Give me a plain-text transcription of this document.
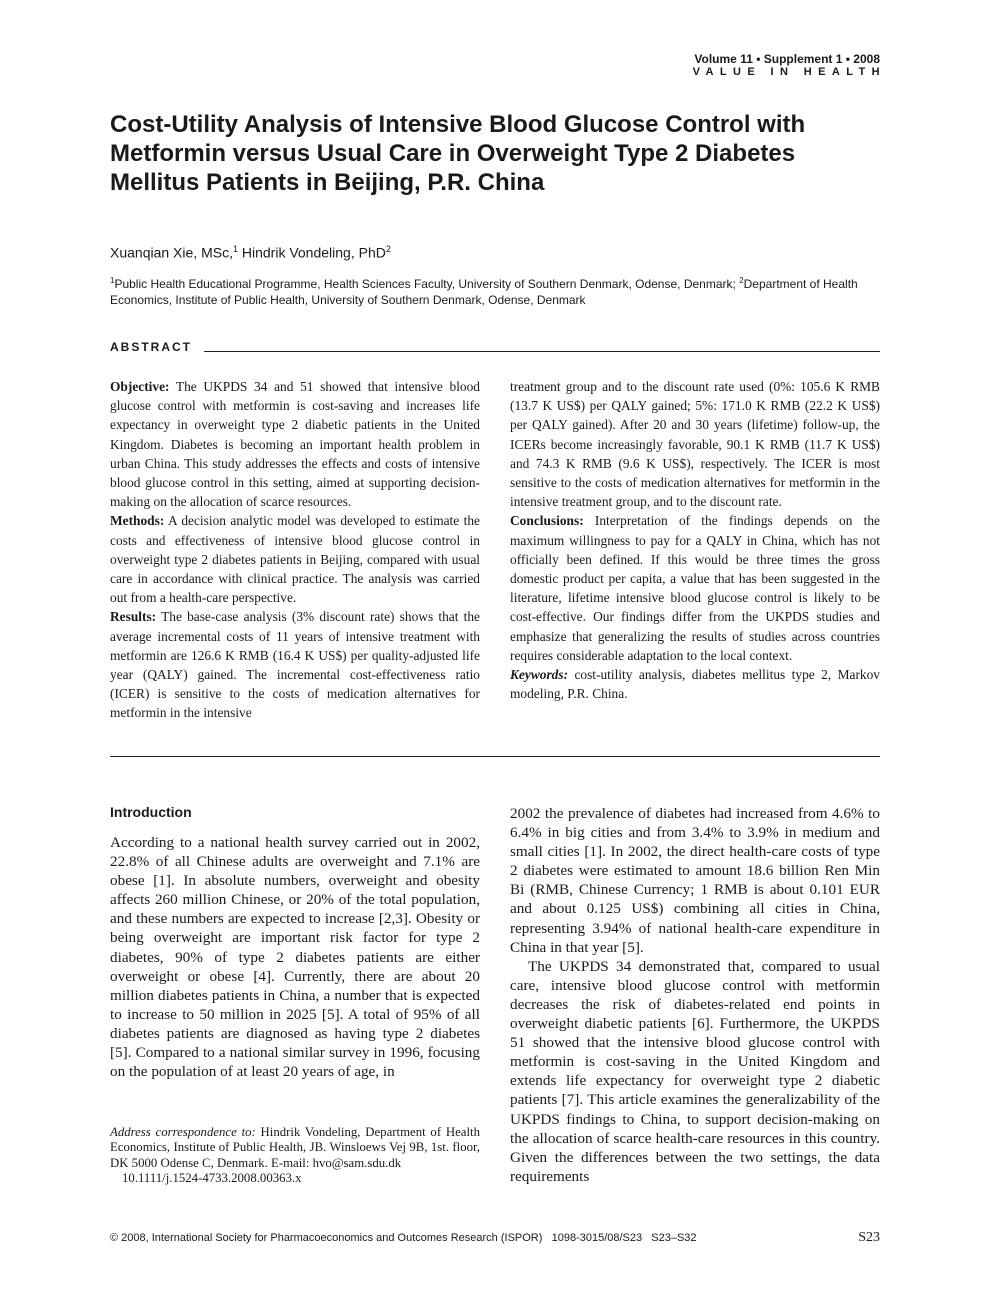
Volume 11 • Supplement 1 • 2008
VALUE IN HEALTH
Cost-Utility Analysis of Intensive Blood Glucose Control with Metformin versus Usual Care in Overweight Type 2 Diabetes Mellitus Patients in Beijing, P.R. China
Xuanqian Xie, MSc,$^1$ Hindrik Vondeling, PhD$^2$
$^1$Public Health Educational Programme, Health Sciences Faculty, University of Southern Denmark, Odense, Denmark; $^2$Department of Health Economics, Institute of Public Health, University of Southern Denmark, Odense, Denmark
ABSTRACT

Objective: The UKPDS 34 and 51 showed that intensive blood glucose control with metformin is cost-saving and increases life expectancy in overweight type 2 diabetic patients in the United Kingdom. Diabetes is becoming an important health problem in urban China. This study addresses the effects and costs of intensive blood glucose control in this setting, aimed at supporting decision-making on the allocation of scarce resources.

Methods: A decision analytic model was developed to estimate the costs and effectiveness of intensive blood glucose control in overweight type 2 diabetes patients in Beijing, compared with usual care in accordance with clinical practice. The analysis was carried out from a health-care perspective.

Results: The base-case analysis (3% discount rate) shows that the average incremental costs of 11 years of intensive treatment with metformin are 126.6 K RMB (16.4 K US$) per quality-adjusted life year (QALY) gained. The incremental cost-effectiveness ratio (ICER) is sensitive to the costs of medication alternatives for metformin in the intensive

treatment group and to the discount rate used (0%: 105.6 K RMB (13.7 K US$) per QALY gained; 5%: 171.0 K RMB (22.2 K US$) per QALY gained). After 20 and 30 years (lifetime) follow-up, the ICERs become increasingly favorable, 90.1 K RMB (11.7 K US$) and 74.3 K RMB (9.6 K US$), respectively. The ICER is most sensitive to the costs of medication alternatives for metformin in the intensive treatment group, and to the discount rate.

Conclusions: Interpretation of the findings depends on the maximum willingness to pay for a QALY in China, which has not officially been defined. If this would be three times the gross domestic product per capita, a value that has been suggested in the literature, lifetime intensive blood glucose control is likely to be cost-effective. Our findings differ from the UKPDS studies and emphasize that generalizing the results of studies across countries requires considerable adaptation to the local context.

Keywords: cost-utility analysis, diabetes mellitus type 2, Markov modeling, P.R. China.

Introduction

According to a national health survey carried out in 2002, 22.8% of all Chinese adults are overweight and 7.1% are obese [1]. In absolute numbers, overweight and obesity affects 260 million Chinese, or 20% of the total population, and these numbers are expected to increase [2,3]. Obesity or being overweight are important risk factor for type 2 diabetes, 90% of type 2 diabetes patients are either overweight or obese [4]. Currently, there are about 20 million diabetes patients in China, a number that is expected to increase to 50 million in 2025 [5]. A total of 95% of all diabetes patients are diagnosed as having type 2 diabetes [5]. Compared to a national similar survey in 1996, focusing on the population of at least 20 years of age, in

2002 the prevalence of diabetes had increased from 4.6% to 6.4% in big cities and from 3.4% to 3.9% in medium and small cities [1]. In 2002, the direct health-care costs of type 2 diabetes were estimated to amount 18.6 billion Ren Min Bi (RMB, Chinese Currency; 1 RMB is about 0.101 EUR and about 0.125 US$) combining all cities in China, representing 3.94% of national health-care expenditure in China in that year [5].

The UKPDS 34 demonstrated that, compared to usual care, intensive blood glucose control with metformin decreases the risk of diabetes-related end points in overweight diabetic patients [6]. Furthermore, the UKPDS 51 showed that the intensive blood glucose control with metformin is cost-saving in the United Kingdom and extends life expectancy for overweight type 2 diabetic patients [7]. This article examines the generalizability of the UKPDS findings to China, to support decision-making on the allocation of scarce health-care resources in this country. Given the differences between the two settings, the data requirements

Address correspondence to: Hindrik Vondeling, Department of Health Economics, Institute of Public Health, JB. Winsloews Vej 9B, 1st. floor, DK 5000 Odense C, Denmark. E-mail: hvo@sam.sdu.dk

10.1111/j.1524-4733.2008.00363.x

© 2008, International Society for Pharmacoeconomics and Outcomes Research (ISPOR)   1098-3015/08/S23   S23–S32	S23
